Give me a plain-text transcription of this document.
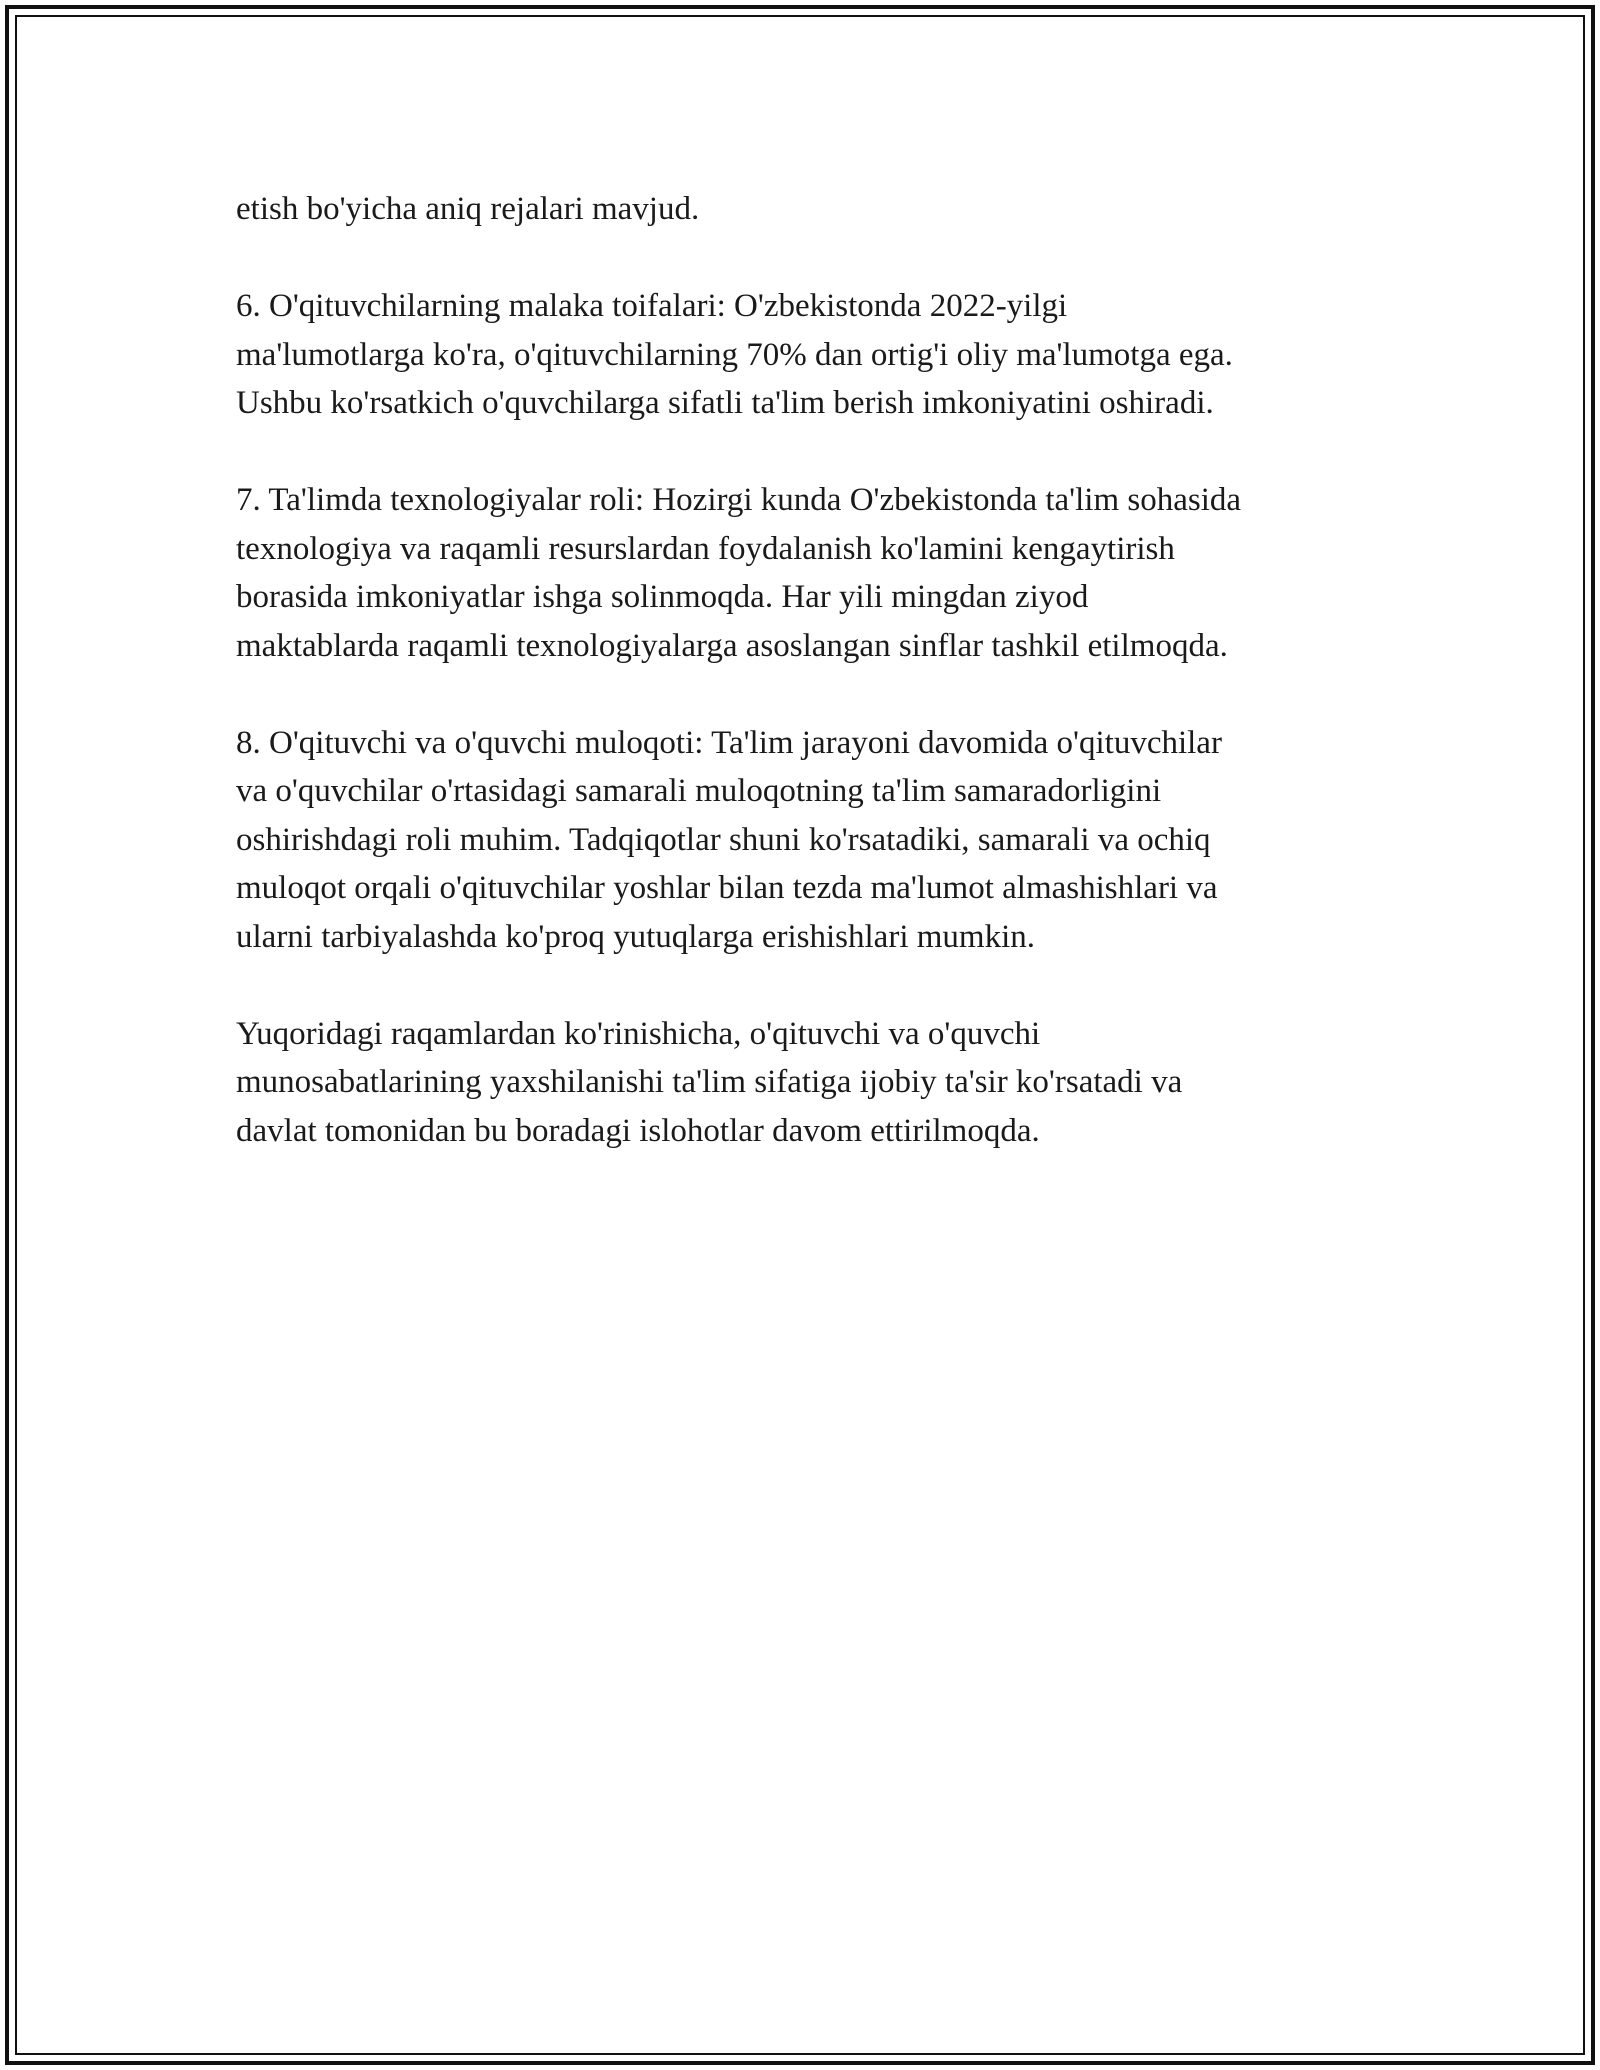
etish bo'yicha aniq rejalari mavjud.

6. O'qituvchilarning malaka toifalari: O'zbekistonda 2022-yilgi
ma'lumotlarga ko'ra, o'qituvchilarning 70% dan ortig'i oliy ma'lumotga ega.
Ushbu ko'rsatkich o'quvchilarga sifatli ta'lim berish imkoniyatini oshiradi.

7. Ta'limda texnologiyalar roli: Hozirgi kunda O'zbekistonda ta'lim sohasida
texnologiya va raqamli resurslardan foydalanish ko'lamini kengaytirish
borasida imkoniyatlar ishga solinmoqda. Har yili mingdan ziyod
maktablarda raqamli texnologiyalarga asoslangan sinflar tashkil etilmoqda.

8. O'qituvchi va o'quvchi muloqoti: Ta'lim jarayoni davomida o'qituvchilar
va o'quvchilar o'rtasidagi samarali muloqotning ta'lim samaradorligini
oshirishdagi roli muhim. Tadqiqotlar shuni ko'rsatadiki, samarali va ochiq
muloqot orqali o'qituvchilar yoshlar bilan tezda ma'lumot almashishlari va
ularni tarbiyalashda ko'proq yutuqlarga erishishlari mumkin.

Yuqoridagi raqamlardan ko'rinishicha, o'qituvchi va o'quvchi
munosabatlarining yaxshilanishi ta'lim sifatiga ijobiy ta'sir ko'rsatadi va
davlat tomonidan bu boradagi islohotlar davom ettirilmoqda.
